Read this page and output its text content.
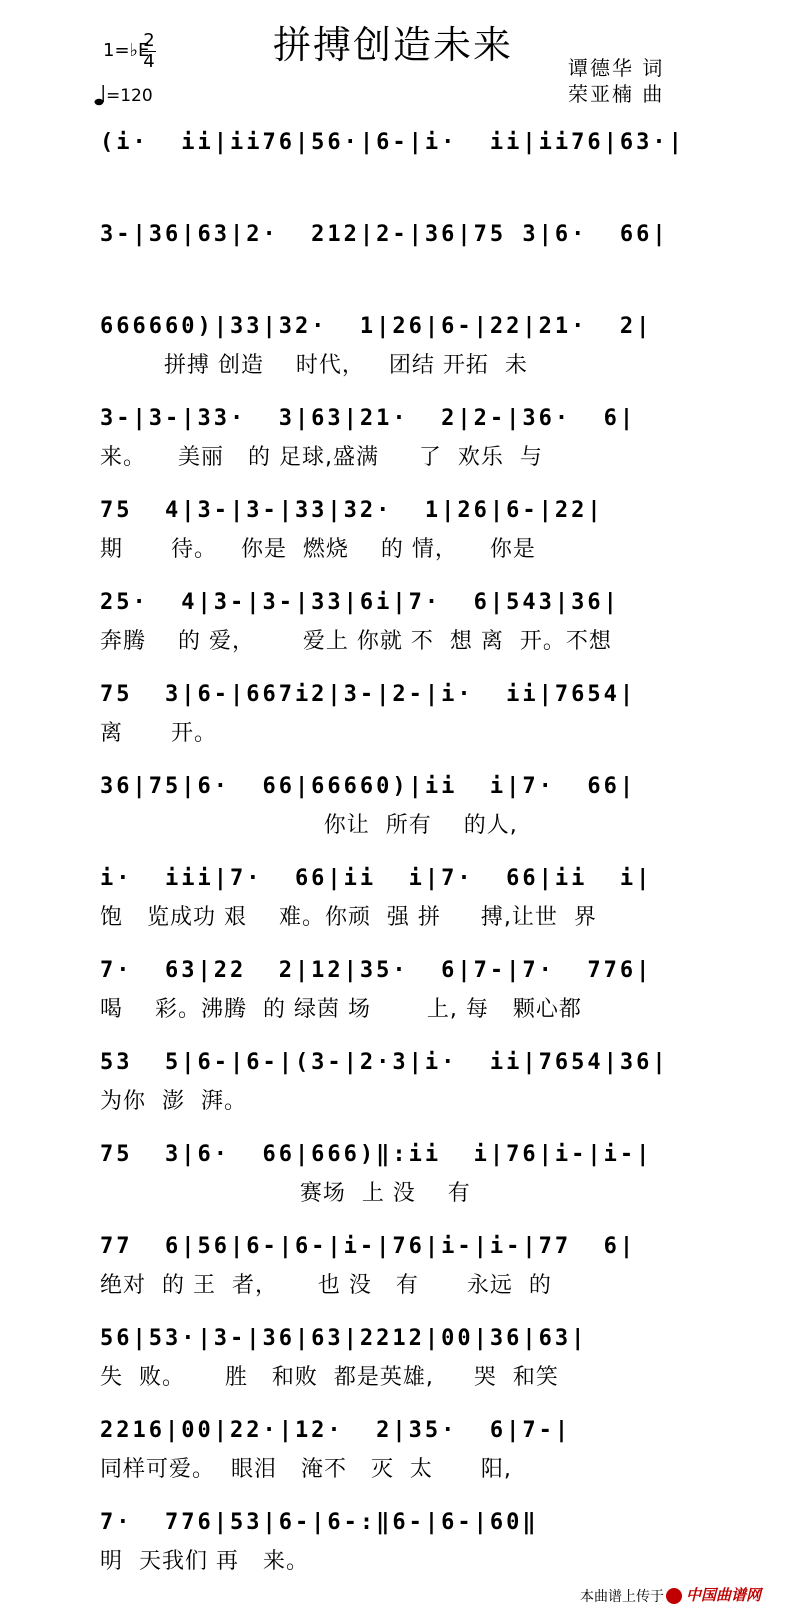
1=♭E
2
4
=120
拼搏创造未来
谭德华 词
荣亚楠 曲
(i·  ii|ii76|56·|6-|i·  ii|ii76|63·|
3-|36|63|2·  212|2-|36|75 3|6·  66|
666660)|33|32·  1|26|6-|22|21·  2|
拼搏 创造    时代，   团结 开拓  未
3-|3-|33·  3|63|21·  2|2-|36·  6|
来。    美丽   的 足球,盛满     了  欢乐  与
75  4|3-|3-|33|32·  1|26|6-|22|
期      待。   你是  燃烧    的 情，    你是
25·  4|3-|3-|33|6i|7·  6|543|36|
奔腾    的 爱，      爱上 你就 不  想 离  开。不想
75  3|6-|667i2|3-|2-|i·  ii|7654|
离      开。
36|75|6·  66|66660)|ii  i|7·  66|
你让  所有    的人,
i·  iii|7·  66|ii  i|7·  66|ii  i|
饱   览成功 艰    难。你顽  强 拼     搏,让世  界
7·  63|22  2|12|35·  6|7-|7·  776|
喝    彩。沸腾  的 绿茵 场       上, 每   颗心都
53  5|6-|6-|(3-|2·3|i·  ii|7654|36|
为你  澎  湃。
75  3|6·  66|666)‖:ii  i|76|i-|i-|
赛场  上 没    有
77  6|56|6-|6-|i-|76|i-|i-|77  6|
绝对  的 王  者，     也 没   有      永远  的
56|53·|3-|36|63|2212|00|36|63|
失  败。     胜   和败  都是英雄,     哭  和笑
2216|00|22·|12·  2|35·  6|7-|
同样可爱。  眼泪   淹不   灭  太      阳,
7·  776|53|6-|6-:‖6-|6-|60‖
明  天我们 再   来。
本曲谱上传于	中国曲谱网
